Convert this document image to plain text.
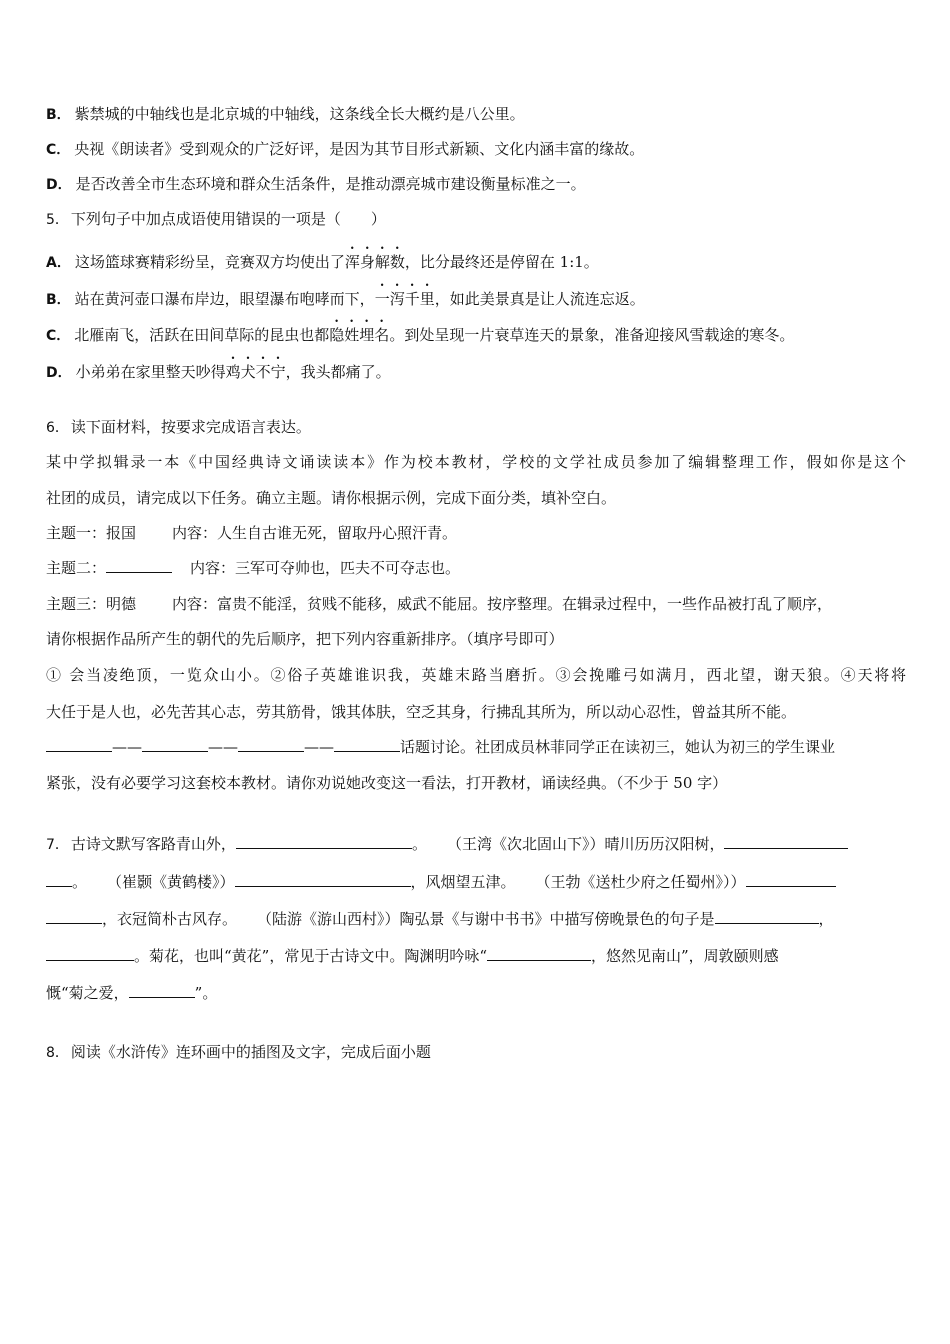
B． 紫禁城的中轴线也是北京城的中轴线，这条线全长大概约是八公里。
C． 央视《朗读者》受到观众的广泛好评，是因为其节目形式新颖、文化内涵丰富的缘故。
D． 是否改善全市生态环境和群众生活条件，是推动漂亮城市建设衡量标准之一。
5． 下列句子中加点成语使用错误的一项是（　　）
A． 这场篮球赛精彩纷呈，竞赛双方均使出了浑身解数，比分最终还是停留在 1:1。
B． 站在黄河壶口瀑布岸边，眼望瀑布咆哮而下，一泻千里，如此美景真是让人流连忘返。
C． 北雁南飞，活跃在田间草际的昆虫也都隐姓埋名。到处呈现一片衰草连天的景象，准备迎接风雪载途的寒冬。
D． 小弟弟在家里整天吵得鸡犬不宁，我头都痛了。
6． 读下面材料，按要求完成语言表达。
某中学拟辑录一本《中国经典诗文诵读读本》作为校本教材，学校的文学社成员参加了编辑整理工作，假如你是这个
社团的成员，请完成以下任务。确立主题。请你根据示例，完成下面分类，填补空白。
主题一：报国 内容：人生自古谁无死，留取丹心照汗青。
主题二：	内容：三军可夺帅也，匹夫不可夺志也。
主题三：明德 内容：富贵不能淫，贫贱不能移，威武不能屈。按序整理。在辑录过程中，一些作品被打乱了顺序，
请你根据作品所产生的朝代的先后顺序，把下列内容重新排序。（填序号即可）
① 会当凌绝顶，一览众山小。②俗子英雄谁识我，英雄末路当磨折。③会挽雕弓如满月，西北望，谢天狼。④天将将
大任于是人也，必先苦其心志，劳其筋骨，饿其体肤，空乏其身，行拂乱其所为，所以动心忍性，曾益其所不能。
——	——	——	话题讨论。社团成员林菲同学正在读初三，她认为初三的学生课业
紧张，没有必要学习这套校本教材。请你劝说她改变这一看法，打开教材，诵读经典。（不少于 50 字）
7． 古诗文默写客路青山外，	。 （王湾《次北固山下》）晴川历历汉阳树，
。 （崔颢《黄鹤楼》）	，风烟望五津。 （王勃《送杜少府之任蜀州》））
，衣冠简朴古风存。 （陆游《游山西村》）陶弘景《与谢中书书》中描写傍晚景色的句子是	，
。菊花，也叫“黄花”，常见于古诗文中。陶渊明吟咏“	，悠然见南山”，周敦颐则感
慨“菊之爱，	”。
8． 阅读《水浒传》连环画中的插图及文字，完成后面小题
